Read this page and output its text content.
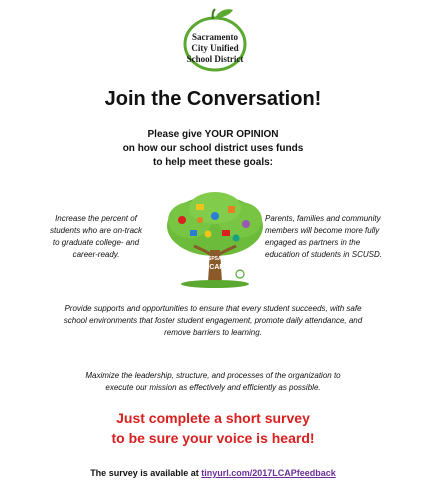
Sacramento
City Unified
School District
Join the Conversation!
Please give YOUR OPINION
on how our school district uses funds
to help meet these goals:
Increase the percent of
students who are on-track
to graduate college- and
career-ready.	SPSA
LCAP
Parents, families and community
members will become more fully
engaged as partners in the
education of students in SCUSD.
Provide supports and opportunities to ensure that every student succeeds, with safe
school environments that foster student engagement, promote daily attendance, and
remove barriers to learning.
Maximize the leadership, structure, and processes of the organization to
execute our mission as effectively and efficiently as possible.
Just complete a short survey
to be sure your voice is heard!
The survey is available at tinyurl.com/2017LCAPfeedback
